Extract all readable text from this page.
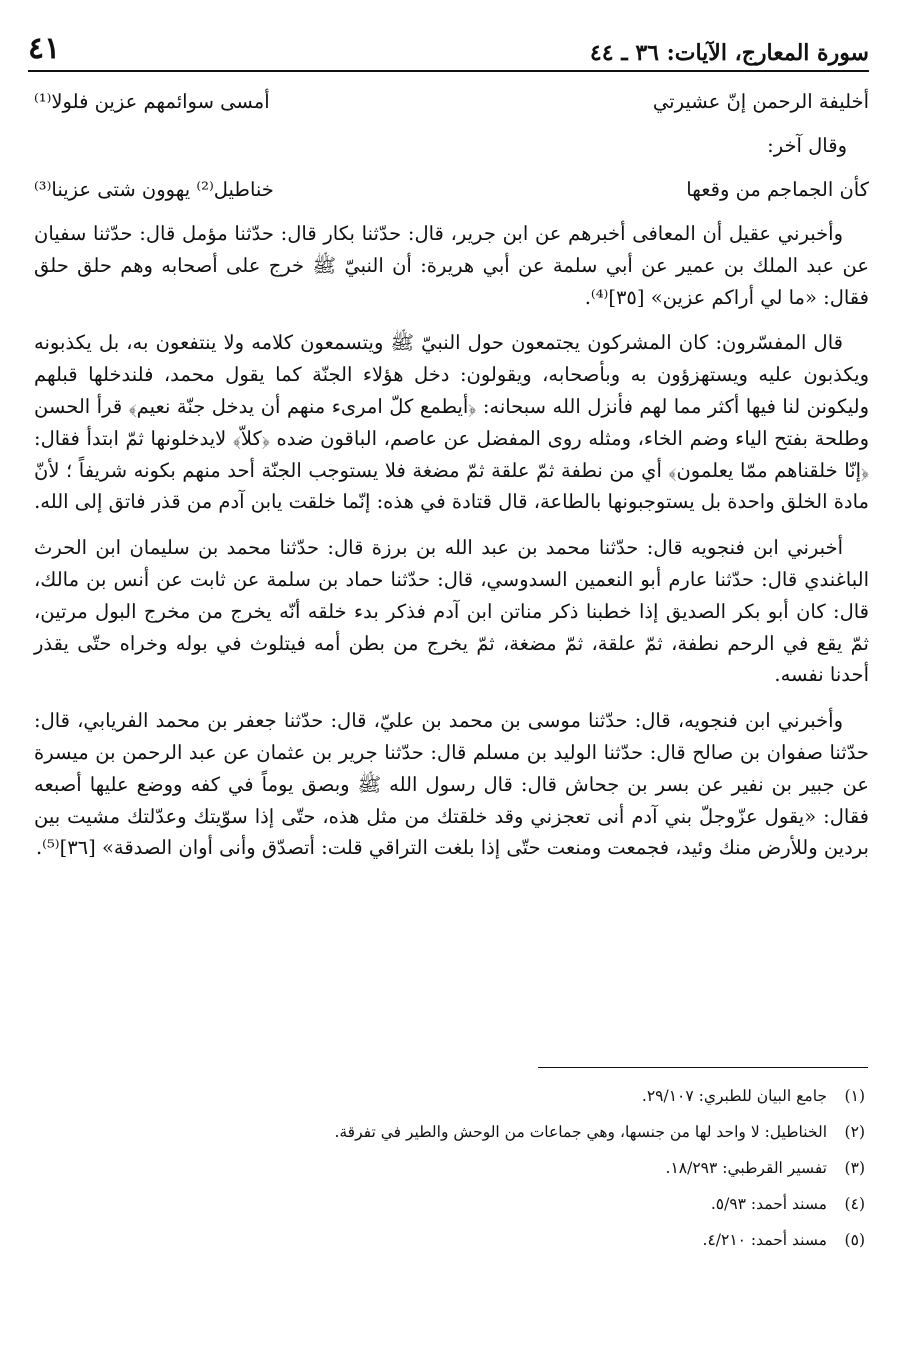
سورة المعارج، الآيات: ٣٦ ـ ٤٤
٤١
أخليفة الرحمن إنّ عشيرتي
أمسى سوائمهم عزين فلولا⁽¹⁾
وقال آخر:
كأن الجماجم من وقعها
خناطيل⁽²⁾ يهوون شتى عزينا⁽³⁾

وأخبرني عقيل أن المعافى أخبرهم عن ابن جرير، قال: حدّثنا بكار قال: حدّثنا مؤمل قال: حدّثنا سفيان عن عبد الملك بن عمير عن أبي سلمة عن أبي هريرة: أن النبيّ ﷺ خرج على أصحابه وهم حلق حلق فقال: «ما لي أراكم عزين» [٣٥]⁽⁴⁾.

قال المفسّرون: كان المشركون يجتمعون حول النبيّ ﷺ ويتسمعون كلامه ولا ينتفعون به، بل يكذبونه ويكذبون عليه ويستهزؤون به وبأصحابه، ويقولون: دخل هؤلاء الجنّة كما يقول محمد، فلندخلها قبلهم وليكونن لنا فيها أكثر مما لهم فأنزل الله سبحانه: ﴿أيطمع كلّ امرىء منهم أن يدخل جنّة نعيم﴾ قرأ الحسن وطلحة بفتح الياء وضم الخاء، ومثله روى المفضل عن عاصم، الباقون ضده ﴿كلاّ﴾ لايدخلونها ثمّ ابتدأ فقال: ﴿إنّا خلقناهم ممّا يعلمون﴾ أي من نطفة ثمّ علقة ثمّ مضغة فلا يستوجب الجنّة أحد منهم بكونه شريفاً ؛ لأنّ مادة الخلق واحدة بل يستوجبونها بالطاعة، قال قتادة في هذه: إنّما خلقت يابن آدم من قذر فاتق إلى الله.

أخبرني ابن فنجويه قال: حدّثنا محمد بن عبد الله بن برزة قال: حدّثنا محمد بن سليمان ابن الحرث الباغندي قال: حدّثنا عارم أبو النعمين السدوسي، قال: حدّثنا حماد بن سلمة عن ثابت عن أنس بن مالك، قال: كان أبو بكر الصديق إذا خطبنا ذكر مناتن ابن آدم فذكر بدء خلقه أنّه يخرج من مخرج البول مرتين، ثمّ يقع في الرحم نطفة، ثمّ علقة، ثمّ مضغة، ثمّ يخرج من بطن أمه فيتلوث في بوله وخراه حتّى يقذر أحدنا نفسه.

وأخبرني ابن فنجويه، قال: حدّثنا موسى بن محمد بن عليّ، قال: حدّثنا جعفر بن محمد الفريابي، قال: حدّثنا صفوان بن صالح قال: حدّثنا الوليد بن مسلم قال: حدّثنا جرير بن عثمان عن عبد الرحمن بن ميسرة عن جبير بن نفير عن بسر بن جحاش قال: قال رسول الله ﷺ وبصق يوماً في كفه ووضع عليها أصبعه فقال: «يقول عزّوجلّ بني آدم أنى تعجزني وقد خلقتك من مثل هذه، حتّى إذا سوّيتك وعدّلتك مشيت بين بردين وللأرض منك وئيد، فجمعت ومنعت حتّى إذا بلغت التراقي قلت: أتصدّق وأنى أوان الصدقة» [٣٦]⁽⁵⁾.

(١)جامع البيان للطبري: ٢٩/١٠٧.
(٢)الخناطيل: لا واحد لها من جنسها، وهي جماعات من الوحش والطير في تفرقة.
(٣)تفسير القرطبي: ١٨/٢٩٣.
(٤)مسند أحمد: ٥/٩٣.
(٥)مسند أحمد: ٤/٢١٠.
